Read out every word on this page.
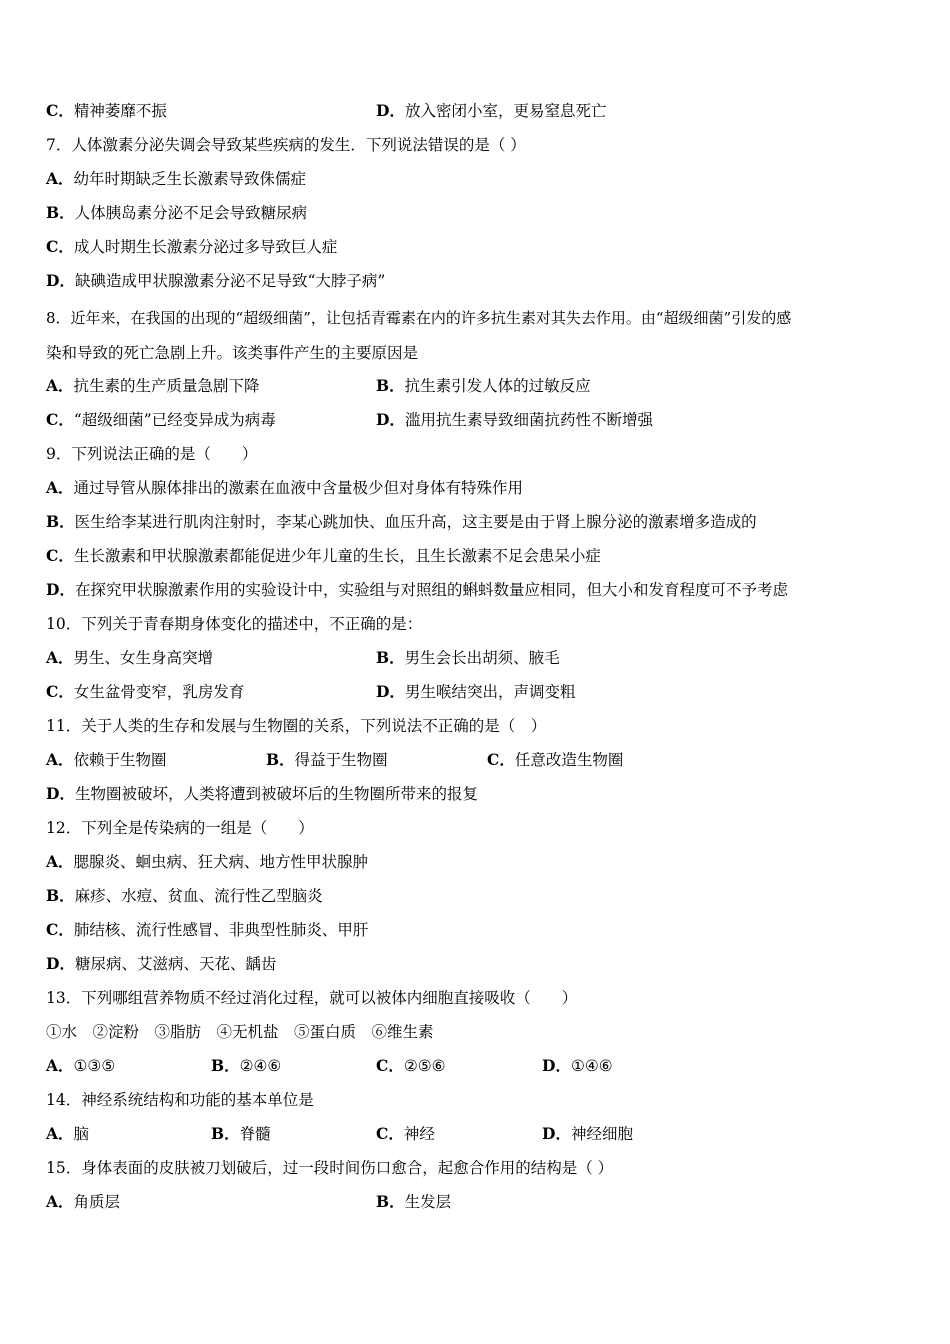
C．精神萎靡不振	D．放入密闭小室，更易窒息死亡
7．人体激素分泌失调会导致某些疾病的发生．下列说法错误的是（ ）
A．幼年时期缺乏生长激素导致侏儒症
B．人体胰岛素分泌不足会导致糖尿病
C．成人时期生长激素分泌过多导致巨人症
D．缺碘造成甲状腺激素分泌不足导致“大脖子病”
8．近年来，在我国的出现的“超级细菌”，让包括青霉素在内的许多抗生素对其失去作用。由“超级细菌”引发的感
染和导致的死亡急剧上升。该类事件产生的主要原因是
A．抗生素的生产质量急剧下降	B．抗生素引发人体的过敏反应
C．“超级细菌”已经变异成为病毒	D．滥用抗生素导致细菌抗药性不断增强
9．下列说法正确的是（　　）
A．通过导管从腺体排出的激素在血液中含量极少但对身体有特殊作用
B．医生给李某进行肌肉注射时，李某心跳加快、血压升高，这主要是由于肾上腺分泌的激素增多造成的
C．生长激素和甲状腺激素都能促进少年儿童的生长，且生长激素不足会患呆小症
D．在探究甲状腺激素作用的实验设计中，实验组与对照组的蝌蚪数量应相同，但大小和发育程度可不予考虑
10．下列关于青春期身体变化的描述中，不正确的是：
A．男生、女生身高突增	B．男生会长出胡须、腋毛
C．女生盆骨变窄，乳房发育	D．男生喉结突出，声调变粗
11．关于人类的生存和发展与生物圈的关系，下列说法不正确的是（　）
A．依赖于生物圈	B．得益于生物圈	C．任意改造生物圈
D．生物圈被破坏，人类将遭到被破坏后的生物圈所带来的报复
12．下列全是传染病的一组是（　　）
A．腮腺炎、蛔虫病、狂犬病、地方性甲状腺肿
B．麻疹、水痘、贫血、流行性乙型脑炎
C．肺结核、流行性感冒、非典型性肺炎、甲肝
D．糖尿病、艾滋病、天花、龋齿
13．下列哪组营养物质不经过消化过程，就可以被体内细胞直接吸收（　　）
①水　②淀粉　③脂肪　④无机盐　⑤蛋白质　⑥维生素
A．①③⑤	B．②④⑥	C．②⑤⑥	D．①④⑥
14．神经系统结构和功能的基本单位是
A．脑	B．脊髓	C．神经	D．神经细胞
15．身体表面的皮肤被刀划破后，过一段时间伤口愈合，起愈合作用的结构是（ ）
A．角质层	B．生发层
